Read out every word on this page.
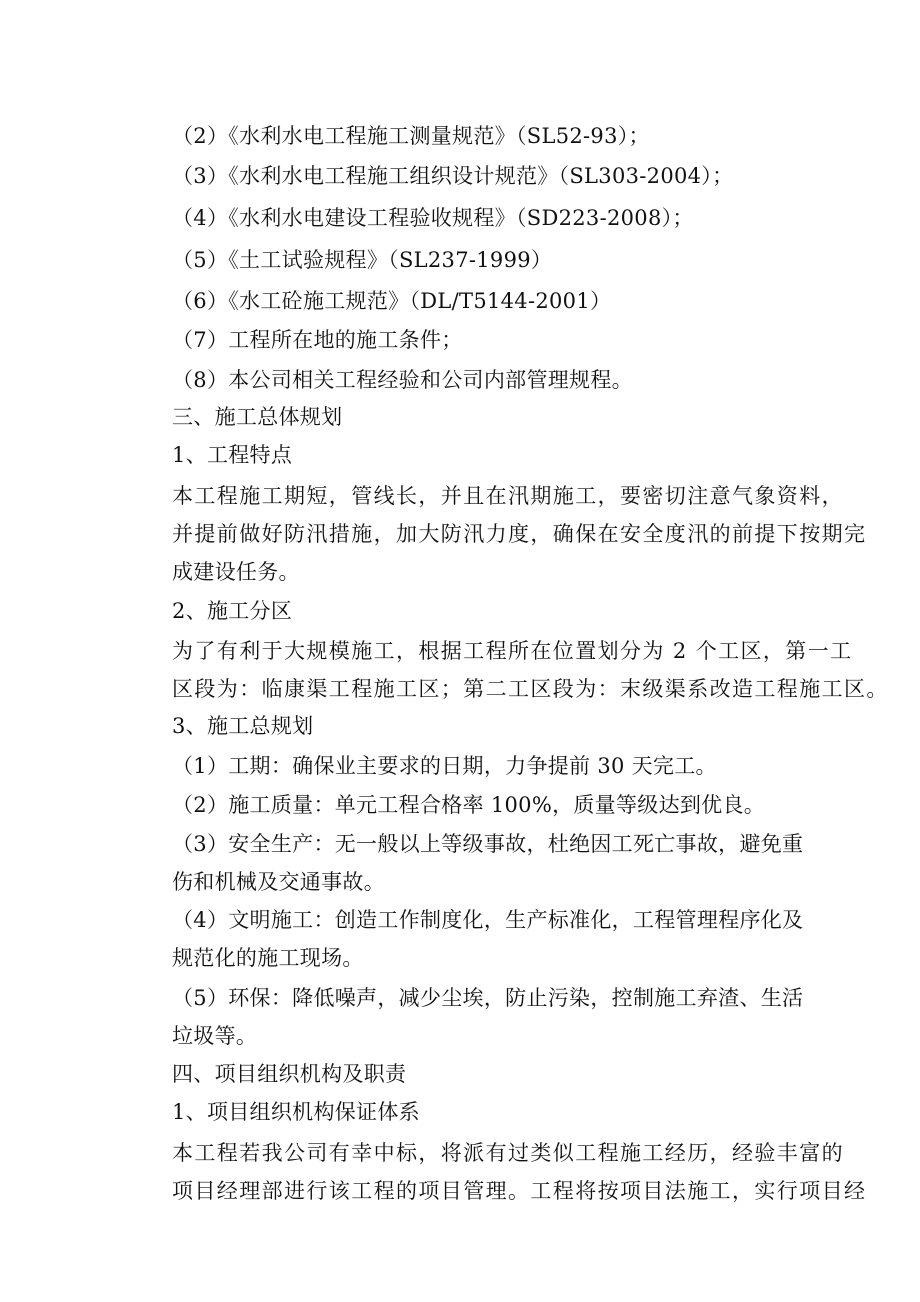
（2）《水利水电工程施工测量规范》（SL52-93）；
（3）《水利水电工程施工组织设计规范》（SL303-2004）；
（4）《水利水电建设工程验收规程》（SD223-2008）；
（5）《土工试验规程》（SL237-1999）
（6）《水工砼施工规范》（DL/T5144-2001）
（7）工程所在地的施工条件；
（8）本公司相关工程经验和公司内部管理规程。
三、施工总体规划
1、工程特点
本工程施工期短，管线长，并且在汛期施工，要密切注意气象资料，
并提前做好防汛措施，加大防汛力度，确保在安全度汛的前提下按期完
成建设任务。
2、施工分区
为了有利于大规模施工，根据工程所在位置划分为 2 个工区，第一工
区段为：临康渠工程施工区；第二工区段为：末级渠系改造工程施工区。
3、施工总规划
（1）工期：确保业主要求的日期，力争提前 30 天完工。
（2）施工质量：单元工程合格率 100%，质量等级达到优良。
（3）安全生产：无一般以上等级事故，杜绝因工死亡事故，避免重
伤和机械及交通事故。
（4）文明施工：创造工作制度化，生产标准化，工程管理程序化及
规范化的施工现场。
（5）环保：降低噪声，减少尘埃，防止污染，控制施工弃渣、生活
垃圾等。
四、项目组织机构及职责
1、项目组织机构保证体系
本工程若我公司有幸中标，将派有过类似工程施工经历，经验丰富的
项目经理部进行该工程的项目管理。工程将按项目法施工，实行项目经
